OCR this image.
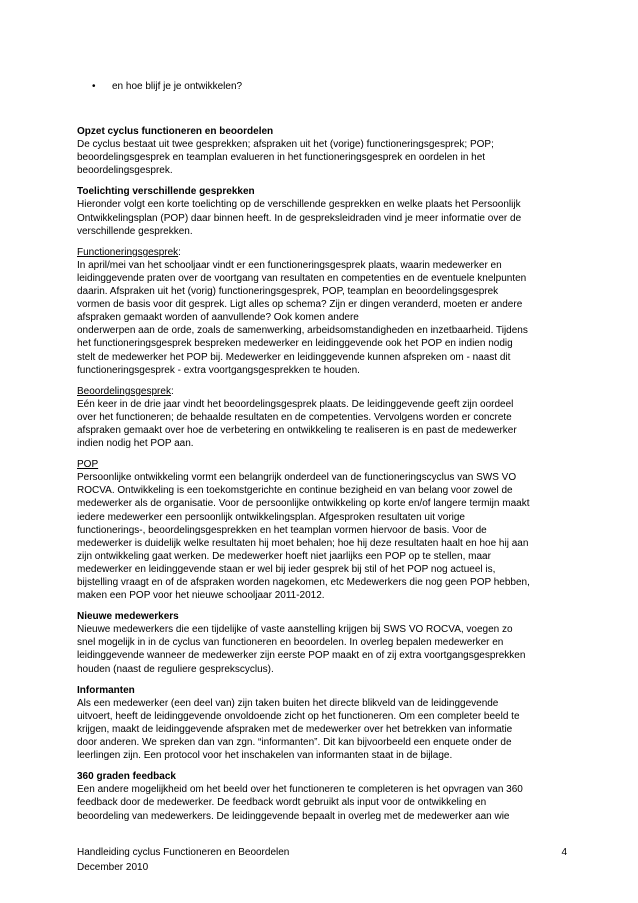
• en hoe blijf je je ontwikkelen?
Opzet cyclus functioneren en beoordelen
De cyclus bestaat uit twee gesprekken; afspraken uit het (vorige) functioneringsgesprek; POP;
beoordelingsgesprek en teamplan evalueren in het functioneringsgesprek en oordelen in het
beoordelingsgesprek.
Toelichting verschillende gesprekken
Hieronder volgt een korte toelichting op de verschillende gesprekken en welke plaats het Persoonlijk
Ontwikkelingsplan (POP) daar binnen heeft. In de gespreksleidraden vind je meer informatie over de
verschillende gesprekken.
Functioneringsgesprek:
In april/mei van het schooljaar vindt er een functioneringsgesprek plaats, waarin medewerker en
leidinggevende praten over de voortgang van resultaten en competenties en de eventuele knelpunten
daarin. Afspraken uit het (vorig) functioneringsgesprek, POP, teamplan en beoordelingsgesprek
vormen de basis voor dit gesprek. Ligt alles op schema? Zijn er dingen veranderd, moeten er andere
afspraken gemaakt worden of aanvullende? Ook komen andere
onderwerpen aan de orde, zoals de samenwerking, arbeidsomstandigheden en inzetbaarheid. Tijdens
het functioneringsgesprek bespreken medewerker en leidinggevende ook het POP en indien nodig
stelt de medewerker het POP bij. Medewerker en leidinggevende kunnen afspreken om - naast dit
functioneringsgesprek - extra voortgangsgesprekken te houden.
Beoordelingsgesprek:
Eén keer in de drie jaar vindt het beoordelingsgesprek plaats. De leidinggevende geeft zijn oordeel
over het functioneren; de behaalde resultaten en de competenties. Vervolgens worden er concrete
afspraken gemaakt over hoe de verbetering en ontwikkeling te realiseren is en past de medewerker
indien nodig het POP aan.
POP
Persoonlijke ontwikkeling vormt een belangrijk onderdeel van de functioneringscyclus van SWS VO
ROCVA. Ontwikkeling is een toekomstgerichte en continue bezigheid en van belang voor zowel de
medewerker als de organisatie. Voor de persoonlijke ontwikkeling op korte en/of langere termijn maakt
iedere medewerker een persoonlijk ontwikkelingsplan. Afgesproken resultaten uit vorige
functionerings-, beoordelingsgesprekken en het teamplan vormen hiervoor de basis. Voor de
medewerker is duidelijk welke resultaten hij moet behalen; hoe hij deze resultaten haalt en hoe hij aan
zijn ontwikkeling gaat werken. De medewerker hoeft niet jaarlijks een POP op te stellen, maar
medewerker en leidinggevende staan er wel bij ieder gesprek bij stil of het POP nog actueel is,
bijstelling vraagt en of de afspraken worden nagekomen, etc Medewerkers die nog geen POP hebben,
maken een POP voor het nieuwe schooljaar 2011-2012.
Nieuwe medewerkers
Nieuwe medewerkers die een tijdelijke of vaste aanstelling krijgen bij SWS VO ROCVA, voegen zo
snel mogelijk in in de cyclus van functioneren en beoordelen. In overleg bepalen medewerker en
leidinggevende wanneer de medewerker zijn eerste POP maakt en of zij extra voortgangsgesprekken
houden (naast de reguliere gesprekscyclus).
Informanten
Als een medewerker (een deel van) zijn taken buiten het directe blikveld van de leidinggevende
uitvoert, heeft de leidinggevende onvoldoende zicht op het functioneren. Om een completer beeld te
krijgen, maakt de leidinggevende afspraken met de medewerker over het betrekken van informatie
door anderen. We spreken dan van zgn. “informanten”. Dit kan bijvoorbeeld een enquete onder de
leerlingen zijn. Een protocol voor het inschakelen van informanten staat in de bijlage.
360 graden feedback
Een andere mogelijkheid om het beeld over het functioneren te completeren is het opvragen van 360
feedback door de medewerker. De feedback wordt gebruikt als input voor de ontwikkeling en
beoordeling van medewerkers. De leidinggevende bepaalt in overleg met de medewerker aan wie
Handleiding cyclus Functioneren en Beoordelen
December 2010
4
